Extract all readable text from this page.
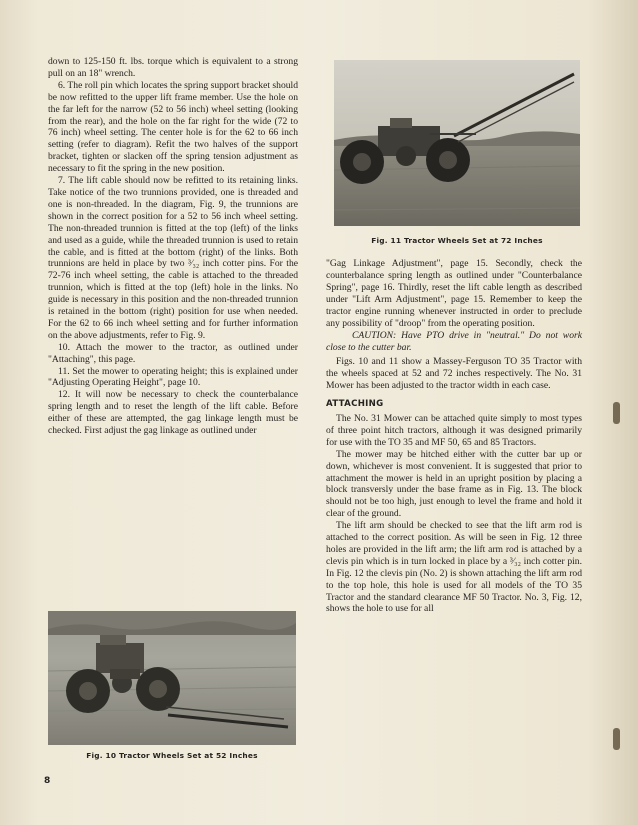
down to 125-150 ft. lbs. torque which is equivalent to a strong pull on an 18" wrench.

6. The roll pin which locates the spring support bracket should be now refitted to the upper lift frame member. Use the hole on the far left for the narrow (52 to 56 inch) wheel setting (looking from the rear), and the hole on the far right for the wide (72 to 76 inch) wheel setting. The center hole is for the 62 to 66 inch setting (refer to diagram). Refit the two halves of the support bracket, tighten or slacken off the spring tension adjustment as necessary to fit the spring in the new position.

7. The lift cable should now be refitted to its retaining links. Take notice of the two trunnions provided, one is threaded and one is non-threaded. In the diagram, Fig. 9, the trunnions are shown in the correct position for a 52 to 56 inch wheel setting. The non-threaded trunnion is fitted at the top (left) of the links and used as a guide, while the threaded trunnion is used to retain the cable, and is fitted at the bottom (right) of the links. Both trunnions are held in place by two ³⁄₃₂ inch cotter pins. For the 72-76 inch wheel setting, the cable is attached to the threaded trunnion, which is fitted at the top (left) hole in the links. No guide is necessary in this position and the non-threaded trunnion is retained in the bottom (right) position for use when needed. For the 62 to 66 inch wheel setting and for further information on the above adjustments, refer to Fig. 9.

10. Attach the mower to the tractor, as outlined under "Attaching", this page.

11. Set the mower to operating height; this is explained under "Adjusting Operating Height", page 10.

12. It will now be necessary to check the counterbalance spring length and to reset the length of the lift cable. Before either of these are attempted, the gag linkage length must be checked. First adjust the gag linkage as outlined under

Fig. 10 Tractor Wheels Set at 52 Inches
Fig. 11 Tractor Wheels Set at 72 Inches

"Gag Linkage Adjustment", page 15. Secondly, check the counterbalance spring length as outlined under "Counterbalance Spring", page 16. Thirdly, reset the lift cable length as described under "Lift Arm Adjustment", page 15. Remember to keep the tractor engine running whenever instructed in order to preclude any possibility of "droop" from the operating position.

CAUTION: Have PTO drive in "neutral." Do not work close to the cutter bar.

Figs. 10 and 11 show a Massey-Ferguson TO 35 Tractor with the wheels spaced at 52 and 72 inches respectively. The No. 31 Mower has been adjusted to the tractor width in each case.

ATTACHING

The No. 31 Mower can be attached quite simply to most types of three point hitch tractors, although it was designed primarily for use with the TO 35 and MF 50, 65 and 85 Tractors.

The mower may be hitched either with the cutter bar up or down, whichever is most convenient. It is suggested that prior to attachment the mower is held in an upright position by placing a block transversly under the base frame as in Fig. 13. The block should not be too high, just enough to level the frame and hold it clear of the ground.

The lift arm should be checked to see that the lift arm rod is attached to the correct position. As will be seen in Fig. 12 three holes are provided in the lift arm; the lift arm rod is attached by a clevis pin which is in turn locked in place by a ³⁄₃₂ inch cotter pin. In Fig. 12 the clevis pin (No. 2) is shown attaching the lift arm rod to the top hole, this hole is used for all models of the TO 35 Tractor and the standard clearance MF 50 Tractor. No. 3, Fig. 12, shows the hole to use for all

8
